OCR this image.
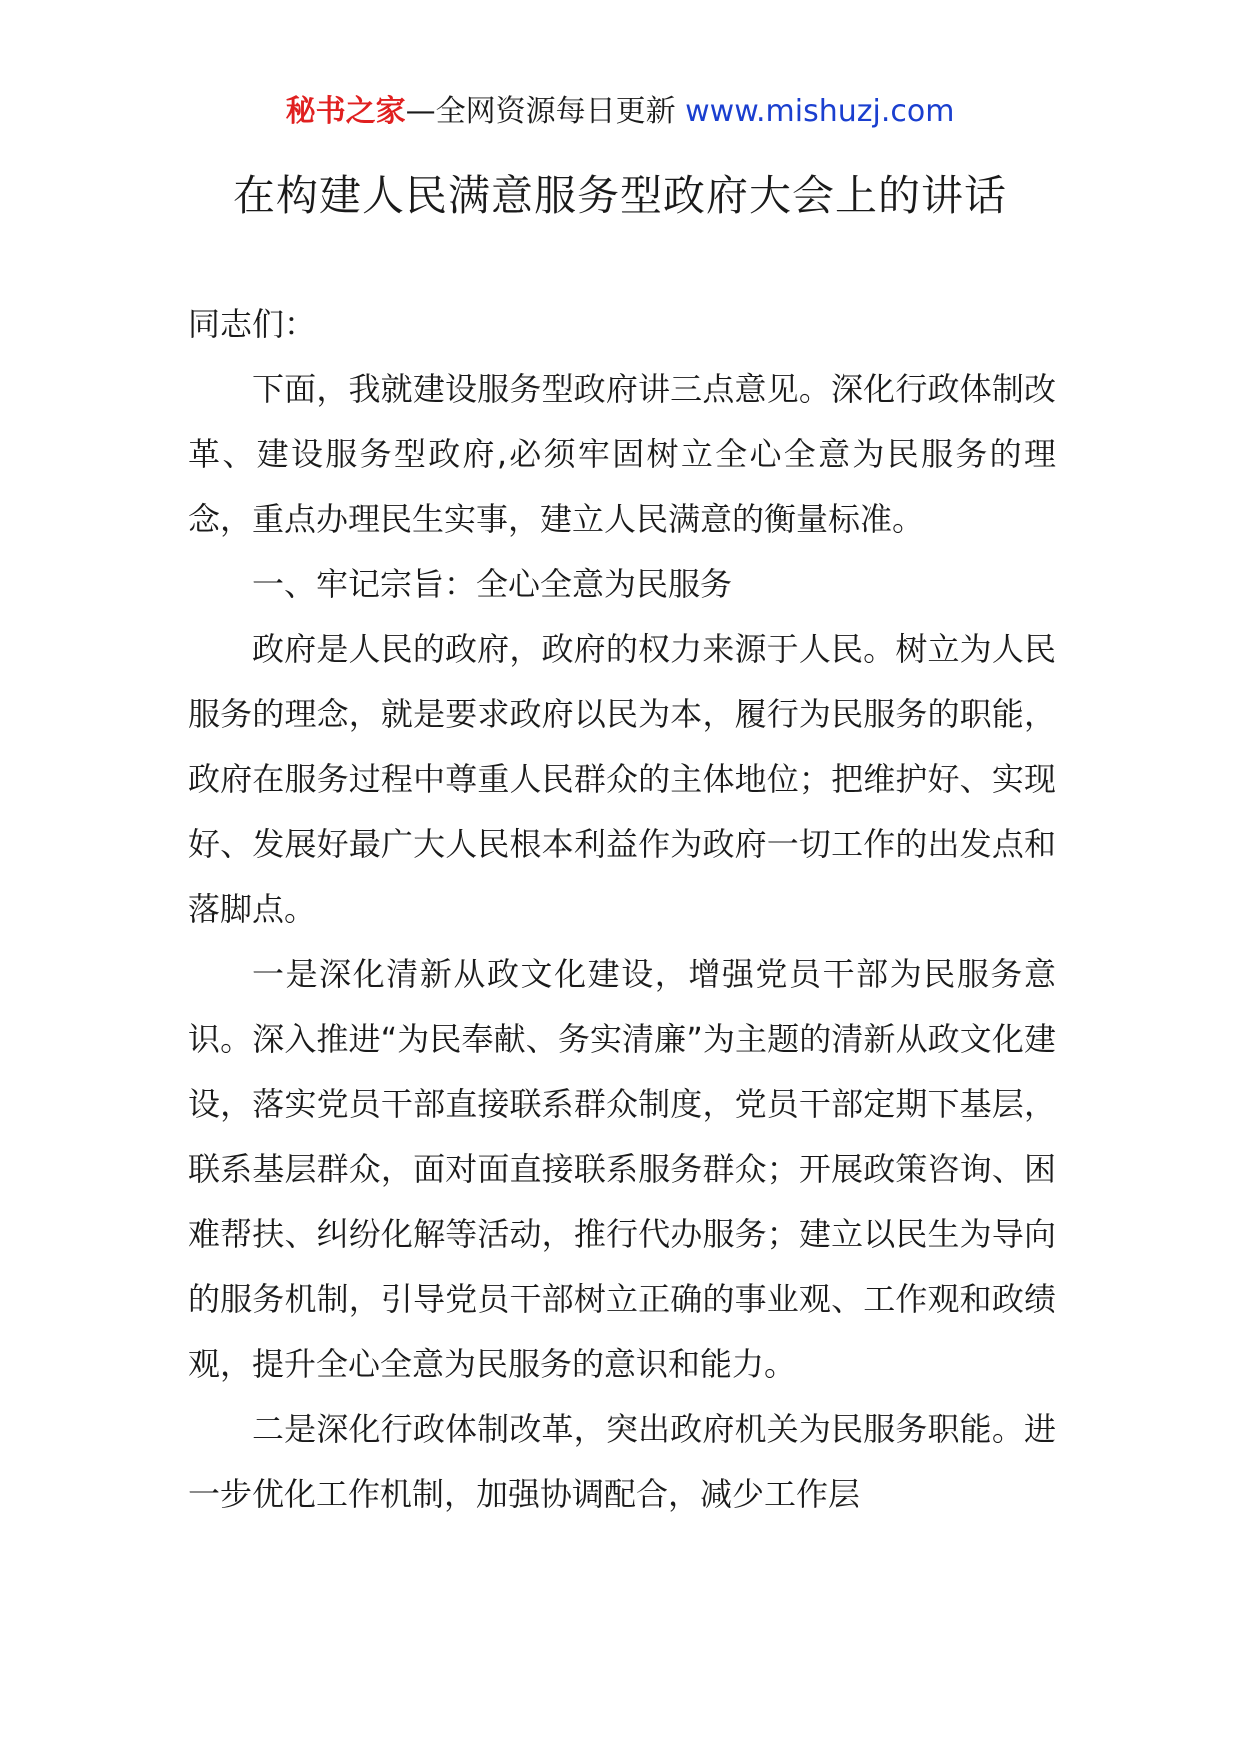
秘书之家—全网资源每日更新 www.mishuzj.com
在构建人民满意服务型政府大会上的讲话

同志们：

下面，我就建设服务型政府讲三点意见。深化行政体制改革、建设服务型政府,必须牢固树立全心全意为民服务的理念，重点办理民生实事，建立人民满意的衡量标准。

一、牢记宗旨：全心全意为民服务

政府是人民的政府，政府的权力来源于人民。树立为人民服务的理念，就是要求政府以民为本，履行为民服务的职能，政府在服务过程中尊重人民群众的主体地位；把维护好、实现好、发展好最广大人民根本利益作为政府一切工作的出发点和落脚点。

一是深化清新从政文化建设，增强党员干部为民服务意识。深入推进“为民奉献、务实清廉”为主题的清新从政文化建设，落实党员干部直接联系群众制度，党员干部定期下基层，联系基层群众，面对面直接联系服务群众；开展政策咨询、困难帮扶、纠纷化解等活动，推行代办服务；建立以民生为导向的服务机制，引导党员干部树立正确的事业观、工作观和政绩观，提升全心全意为民服务的意识和能力。

二是深化行政体制改革，突出政府机关为民服务职能。进一步优化工作机制，加强协调配合，减少工作层
